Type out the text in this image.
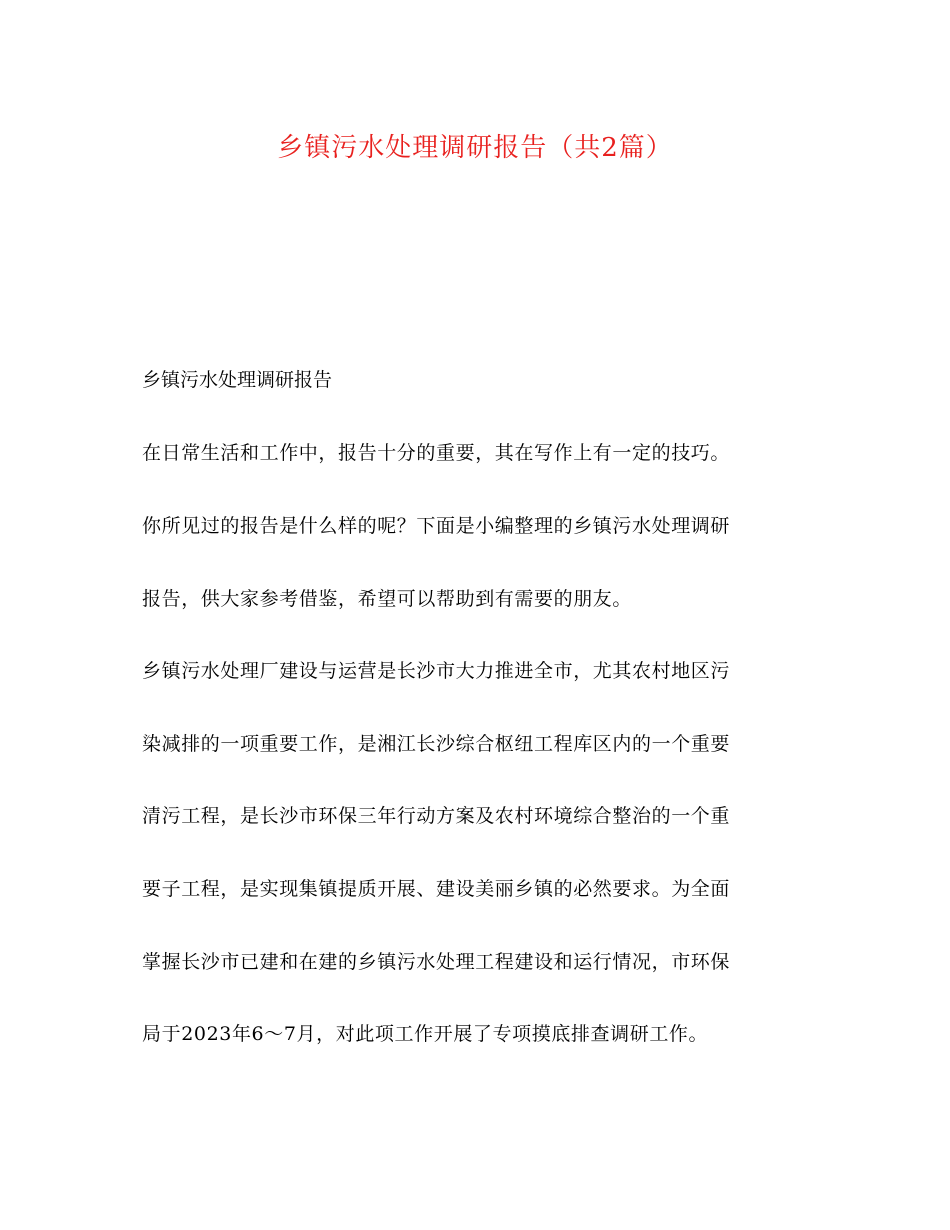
乡镇污水处理调研报告（共2篇）
乡镇污水处理调研报告
在日常生活和工作中，报告十分的重要，其在写作上有一定的技巧。
你所见过的报告是什么样的呢？下面是小编整理的乡镇污水处理调研
报告，供大家参考借鉴，希望可以帮助到有需要的朋友。
乡镇污水处理厂建设与运营是长沙市大力推进全市，尤其农村地区污
染减排的一项重要工作，是湘江长沙综合枢纽工程库区内的一个重要
清污工程，是长沙市环保三年行动方案及农村环境综合整治的一个重
要子工程，是实现集镇提质开展、建设美丽乡镇的必然要求。为全面
掌握长沙市已建和在建的乡镇污水处理工程建设和运行情况，市环保
局于2023年6～7月，对此项工作开展了专项摸底排查调研工作。
